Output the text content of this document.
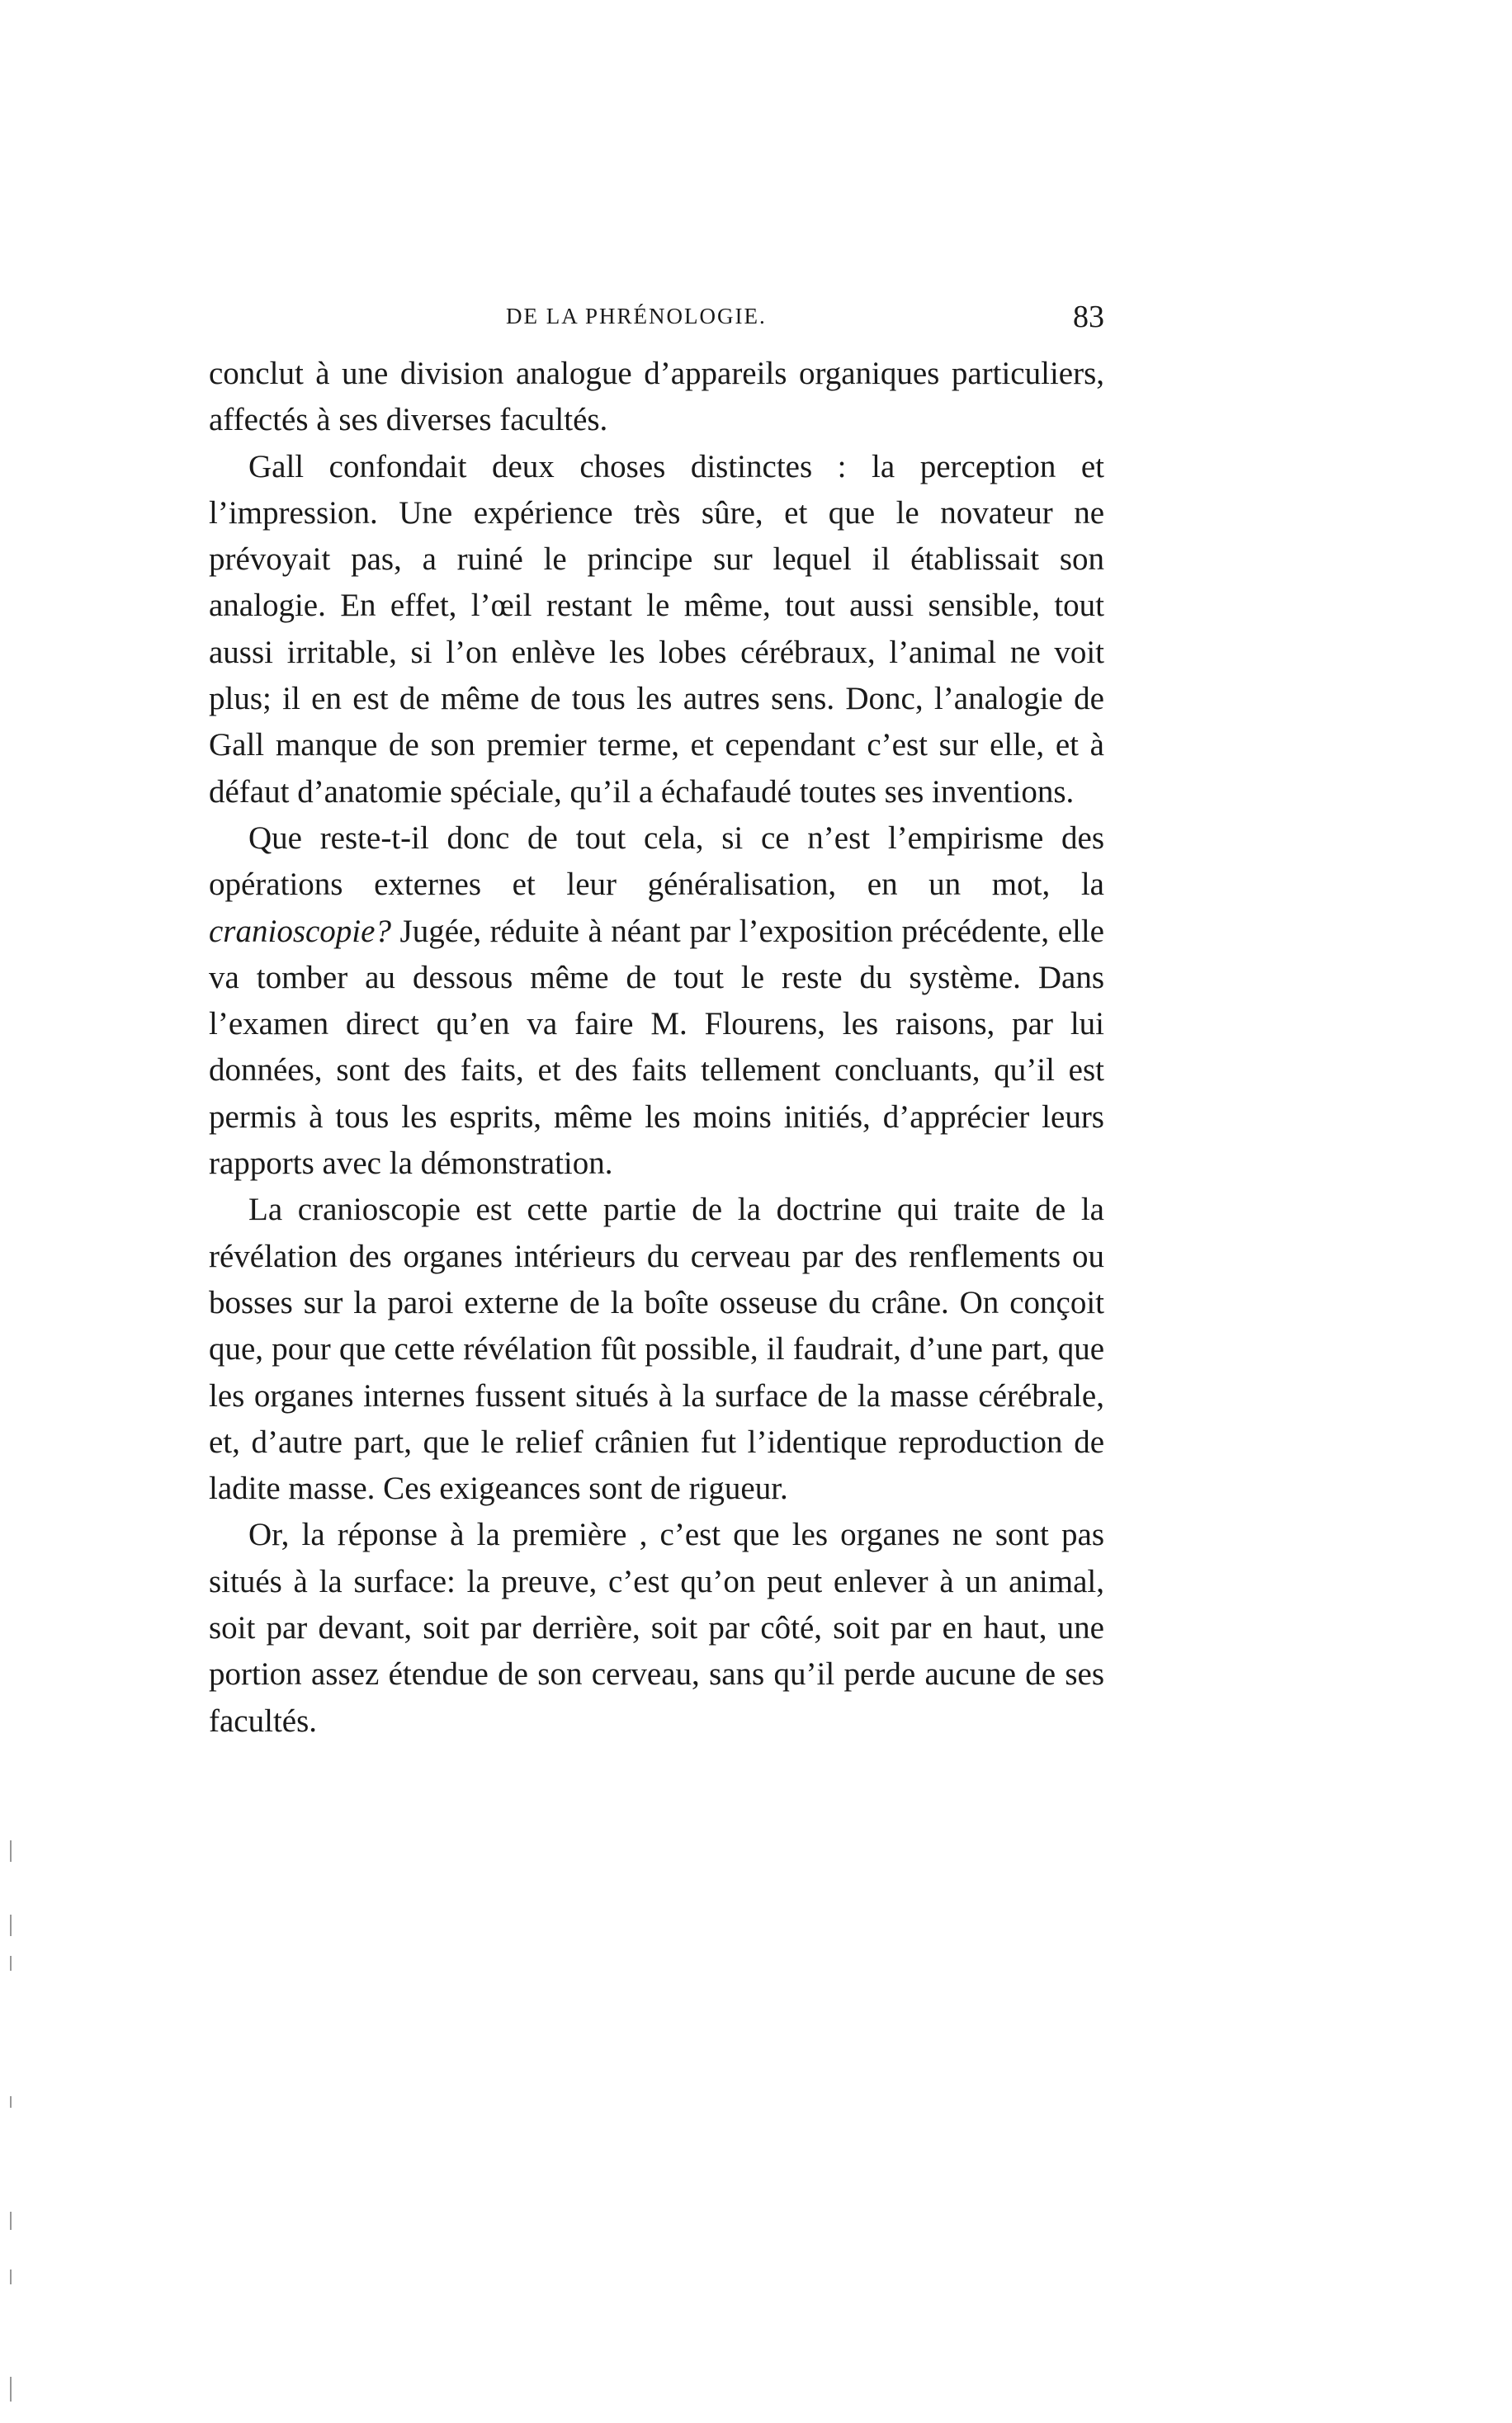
DE LA PHRÉNOLOGIE.	83

conclut à une division analogue d’appareils organiques particuliers, affectés à ses diverses facultés.

Gall confondait deux choses distinctes : la perception et l’impression. Une expérience très sûre, et que le novateur ne prévoyait pas, a ruiné le principe sur lequel il établissait son analogie. En effet, l’œil restant le même, tout aussi sensible, tout aussi irritable, si l’on enlève les lobes cérébraux, l’animal ne voit plus; il en est de même de tous les autres sens. Donc, l’analogie de Gall manque de son premier terme, et cependant c’est sur elle, et à défaut d’anatomie spéciale, qu’il a échafaudé toutes ses inventions.

Que reste-t-il donc de tout cela, si ce n’est l’empirisme des opérations externes et leur généralisation, en un mot, la cranioscopie? Jugée, réduite à néant par l’exposition précédente, elle va tomber au dessous même de tout le reste du système. Dans l’examen direct qu’en va faire M. Flourens, les raisons, par lui données, sont des faits, et des faits tellement concluants, qu’il est permis à tous les esprits, même les moins initiés, d’apprécier leurs rapports avec la démonstration.

La cranioscopie est cette partie de la doctrine qui traite de la révélation des organes intérieurs du cerveau par des renflements ou bosses sur la paroi externe de la boîte osseuse du crâne. On conçoit que, pour que cette révélation fût possible, il faudrait, d’une part, que les organes internes fussent situés à la surface de la masse cérébrale, et, d’autre part, que le relief crânien fut l’identique reproduction de ladite masse. Ces exigeances sont de rigueur.

Or, la réponse à la première , c’est que les organes ne sont pas situés à la surface: la preuve, c’est qu’on peut enlever à un animal, soit par devant, soit par derrière, soit par côté, soit par en haut, une portion assez étendue de son cerveau, sans qu’il perde aucune de ses facultés.
